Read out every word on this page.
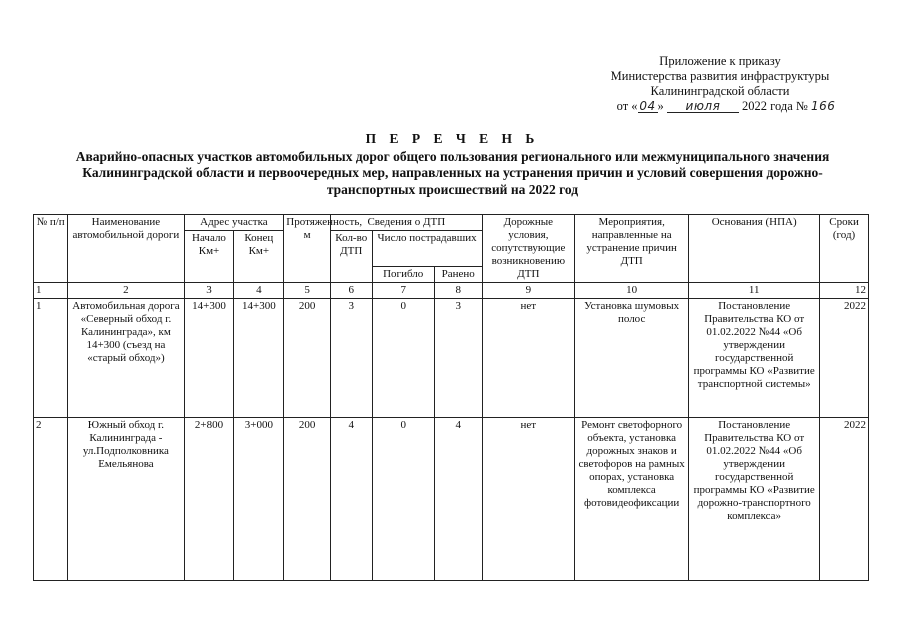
Приложение к приказу
Министерства развития инфраструктуры
Калининградской области
от « 04 » июля 2022 года № 166
П Е Р Е Ч Е Н Ь
Аварийно-опасных участков автомобильных дорог общего пользования регионального или межмуниципального значения Калининградской области и первоочередных мер, направленных на устранения причин и условий совершения дорожно-транспортных происшествий на 2022 год
№ п/п	Наименование автомобильной дороги	Адрес участка		Протяженность, м	Сведения о ДТП			Дорожные условия, сопутствующие возникновению ДТП	Мероприятия, направленные на устранение причин ДТП	Основания (НПА)	Сроки (год)
		Начало Км+	Конец Км+		Кол-во ДТП	Число пострадавших					
						Погибло	Ранено				
1	2	3	4	5	6	7	8	9	10	11	12
1	Автомобильная дорога «Северный обход г. Калининграда», км 14+300 (съезд на «старый обход»)	14+300	14+300	200	3	0	3	нет	Установка шумовых полос	Постановление Правительства КО от 01.02.2022 №44 «Об утверждении государственной программы КО «Развитие транспортной системы»	2022
2	Южный обход г. Калининграда - ул.Подполковника Емельянова	2+800	3+000	200	4	0	4	нет	Ремонт светофорного объекта, установка дорожных знаков и светофоров на рамных опорах, установка комплекса фотовидеофиксации	Постановление Правительства КО от 01.02.2022 №44 «Об утверждении государственной программы КО «Развитие дорожно-транспортного комплекса»	2022
